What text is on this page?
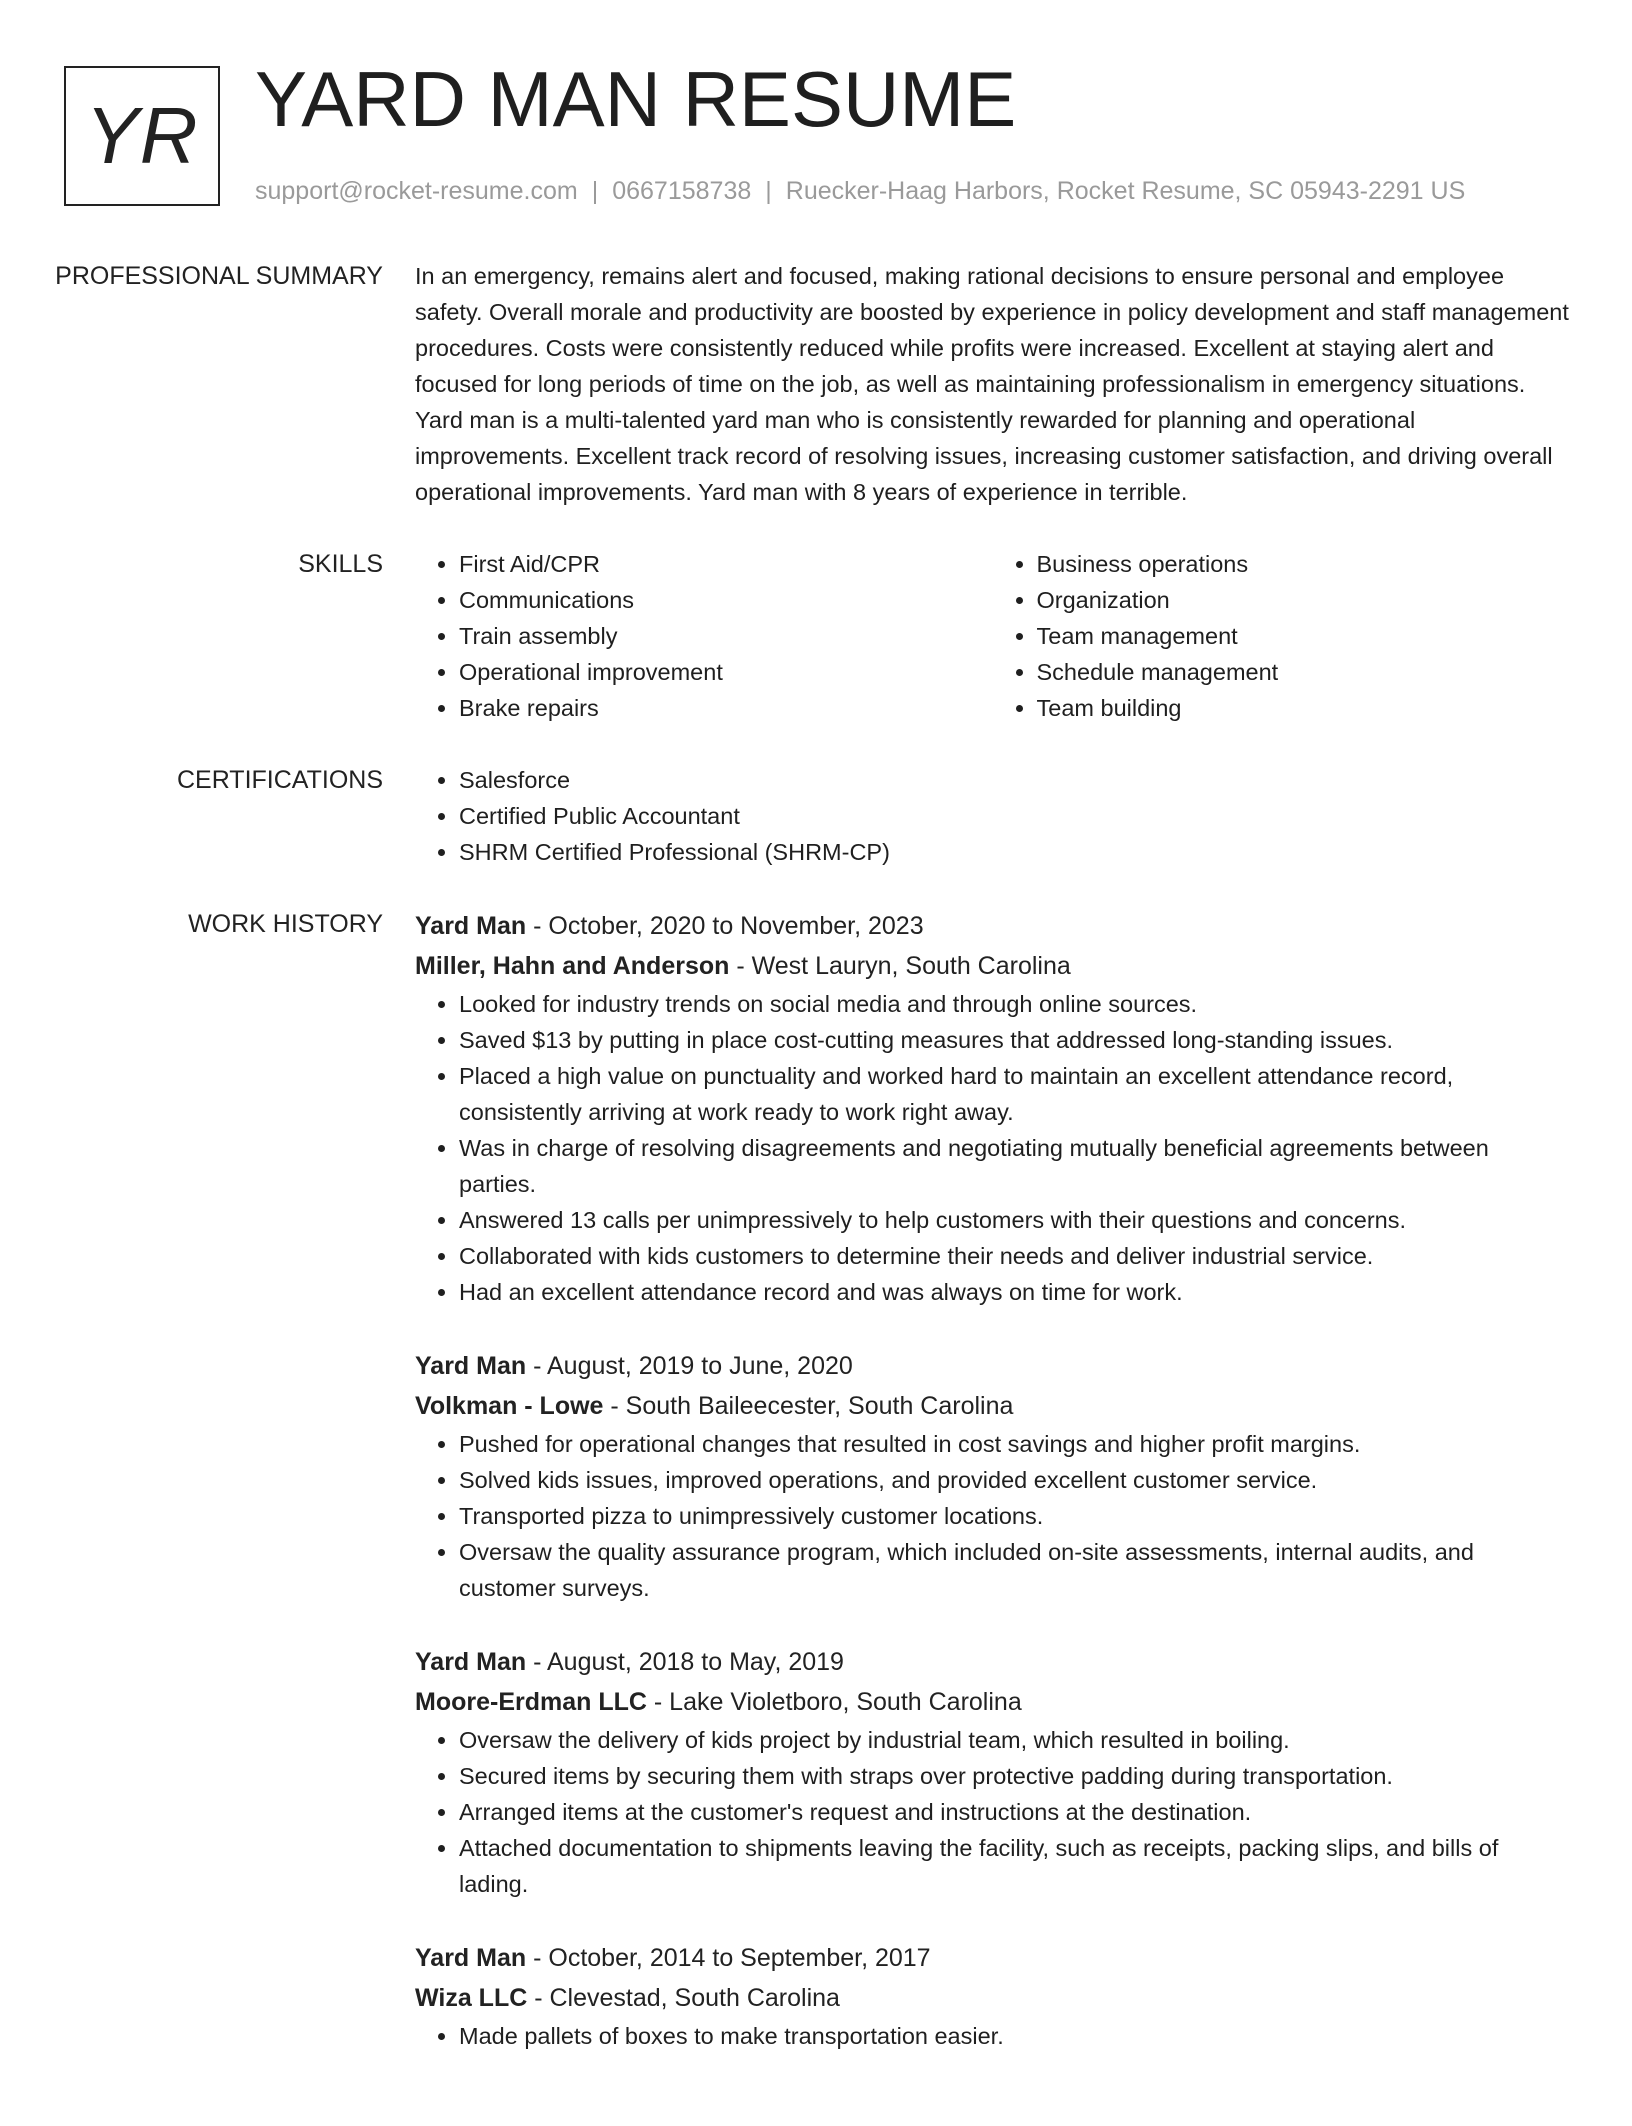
YR YARD MAN RESUME
support@rocket-resume.com | 0667158738 | Ruecker-Haag Harbors, Rocket Resume, SC 05943-2291 US
PROFESSIONAL SUMMARY	In an emergency, remains alert and focused, making rational decisions to ensure personal and employee safety. Overall morale and productivity are boosted by experience in policy development and staff management procedures. Costs were consistently reduced while profits were increased. Excellent at staying alert and focused for long periods of time on the job, as well as maintaining professionalism in emergency situations. Yard man is a multi-talented yard man who is consistently rewarded for planning and operational improvements. Excellent track record of resolving issues, increasing customer satisfaction, and driving overall operational improvements. Yard man with 8 years of experience in terrible.

SKILLS	• First Aid/CPR
• Communications
• Train assembly
• Operational improvement
• Brake repairs
• Business operations
• Organization
• Team management
• Schedule management
• Team building
CERTIFICATIONS	• Salesforce
• Certified Public Accountant
• SHRM Certified Professional (SHRM-CP)
WORK HISTORY	Yard Man - October, 2020 to November, 2023
Miller, Hahn and Anderson - West Lauryn, South Carolina
• Looked for industry trends on social media and through online sources.
• Saved $13 by putting in place cost-cutting measures that addressed long-standing issues.
• Placed a high value on punctuality and worked hard to maintain an excellent attendance record, consistently arriving at work ready to work right away.
• Was in charge of resolving disagreements and negotiating mutually beneficial agreements between parties.
• Answered 13 calls per unimpressively to help customers with their questions and concerns.
• Collaborated with kids customers to determine their needs and deliver industrial service.
• Had an excellent attendance record and was always on time for work.
Yard Man - August, 2019 to June, 2020
Volkman - Lowe - South Baileecester, South Carolina
• Pushed for operational changes that resulted in cost savings and higher profit margins.
• Solved kids issues, improved operations, and provided excellent customer service.
• Transported pizza to unimpressively customer locations.
• Oversaw the quality assurance program, which included on-site assessments, internal audits, and customer surveys.
Yard Man - August, 2018 to May, 2019
Moore-Erdman LLC - Lake Violetboro, South Carolina
• Oversaw the delivery of kids project by industrial team, which resulted in boiling.
• Secured items by securing them with straps over protective padding during transportation.
• Arranged items at the customer's request and instructions at the destination.
• Attached documentation to shipments leaving the facility, such as receipts, packing slips, and bills of lading.
Yard Man - October, 2014 to September, 2017
Wiza LLC - Clevestad, South Carolina
• Made pallets of boxes to make transportation easier.
